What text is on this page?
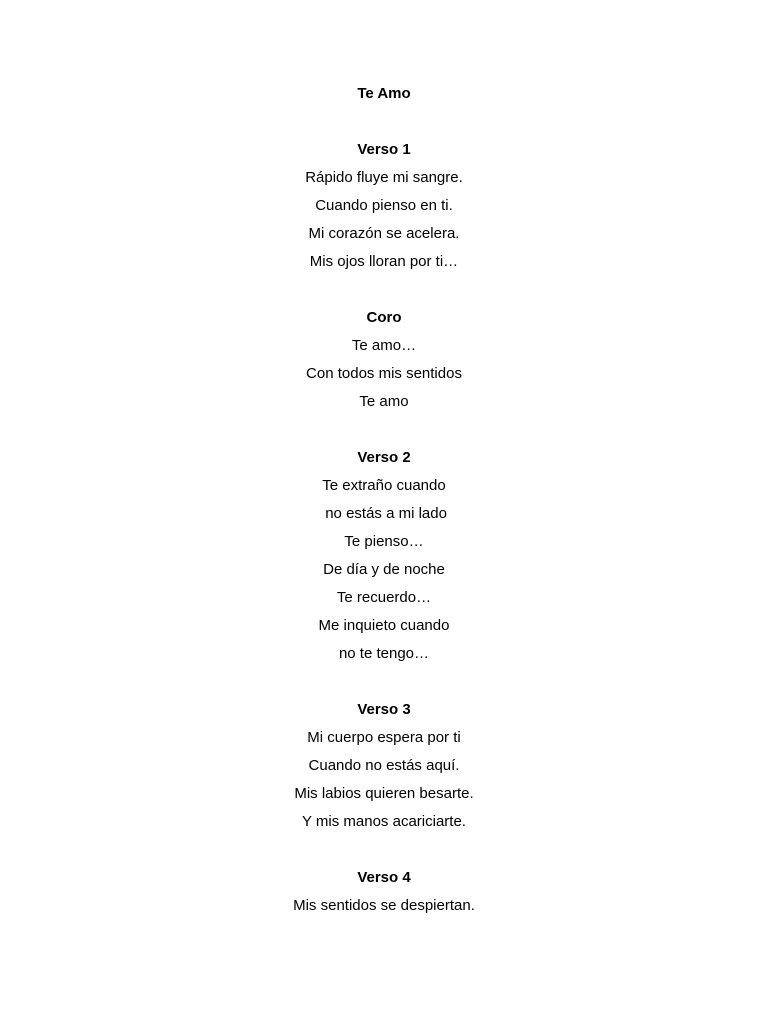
Te Amo

Verso 1

Rápido fluye mi sangre.

Cuando pienso en ti.

Mi corazón se acelera.

Mis ojos lloran por ti…

Coro

Te amo…

Con todos mis sentidos

Te amo

Verso 2

Te extraño cuando

no estás a mi lado

Te pienso…

De día y de noche

Te recuerdo…

Me inquieto cuando

no te tengo…

Verso 3

Mi cuerpo espera por ti

Cuando no estás aquí.

Mis labios quieren besarte.

Y mis manos acariciarte.

Verso 4

Mis sentidos se despiertan.
